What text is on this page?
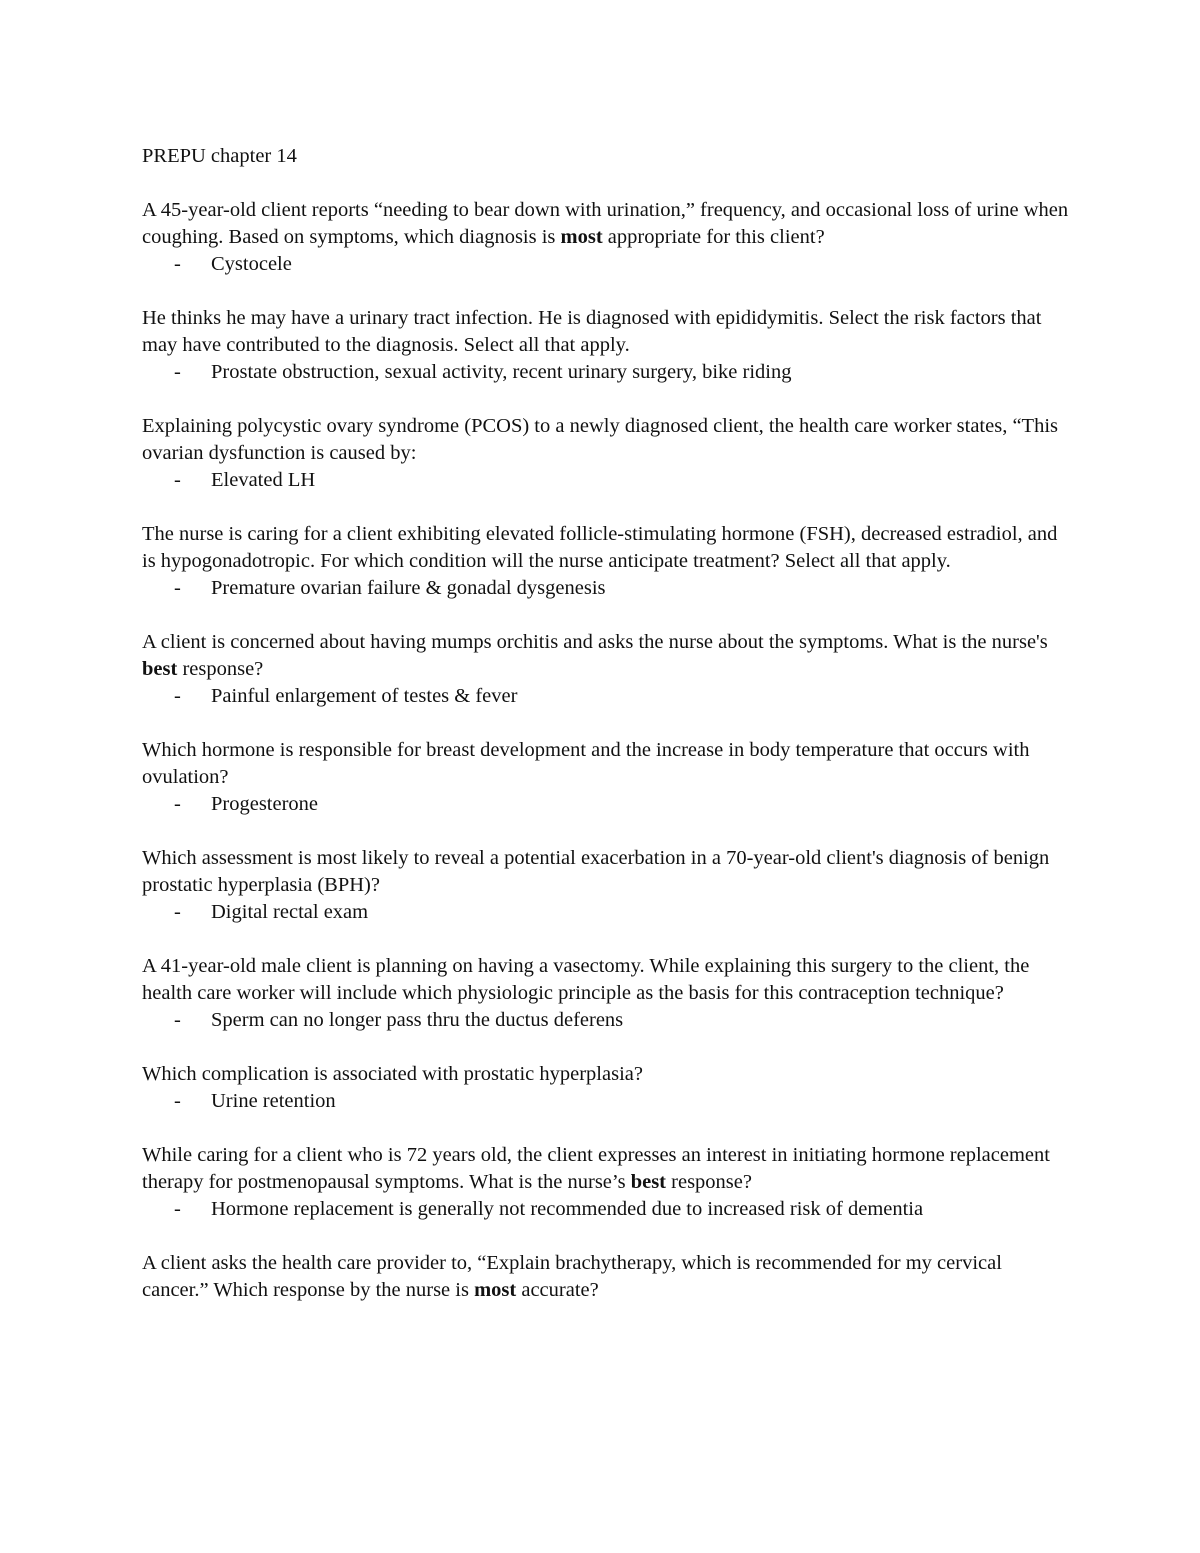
PREPU chapter 14

A 45-year-old client reports “needing to bear down with urination,” frequency, and occasional loss of urine when coughing. Based on symptoms, which diagnosis is most appropriate for this client?

- Cystocele

He thinks he may have a urinary tract infection. He is diagnosed with epididymitis. Select the risk factors that may have contributed to the diagnosis. Select all that apply.

- Prostate obstruction, sexual activity, recent urinary surgery, bike riding

Explaining polycystic ovary syndrome (PCOS) to a newly diagnosed client, the health care worker states, “This ovarian dysfunction is caused by:

- Elevated LH

The nurse is caring for a client exhibiting elevated follicle-stimulating hormone (FSH), decreased estradiol, and is hypogonadotropic. For which condition will the nurse anticipate treatment? Select all that apply.

- Premature ovarian failure & gonadal dysgenesis

A client is concerned about having mumps orchitis and asks the nurse about the symptoms. What is the nurse's best response?

- Painful enlargement of testes & fever

Which hormone is responsible for breast development and the increase in body temperature that occurs with ovulation?

- Progesterone

Which assessment is most likely to reveal a potential exacerbation in a 70-year-old client's diagnosis of benign prostatic hyperplasia (BPH)?

- Digital rectal exam

A 41-year-old male client is planning on having a vasectomy. While explaining this surgery to the client, the health care worker will include which physiologic principle as the basis for this contraception technique?

- Sperm can no longer pass thru the ductus deferens

Which complication is associated with prostatic hyperplasia?

- Urine retention

While caring for a client who is 72 years old, the client expresses an interest in initiating hormone replacement therapy for postmenopausal symptoms. What is the nurse’s best response?

- Hormone replacement is generally not recommended due to increased risk of dementia

A client asks the health care provider to, “Explain brachytherapy, which is recommended for my cervical cancer.” Which response by the nurse is most accurate?
